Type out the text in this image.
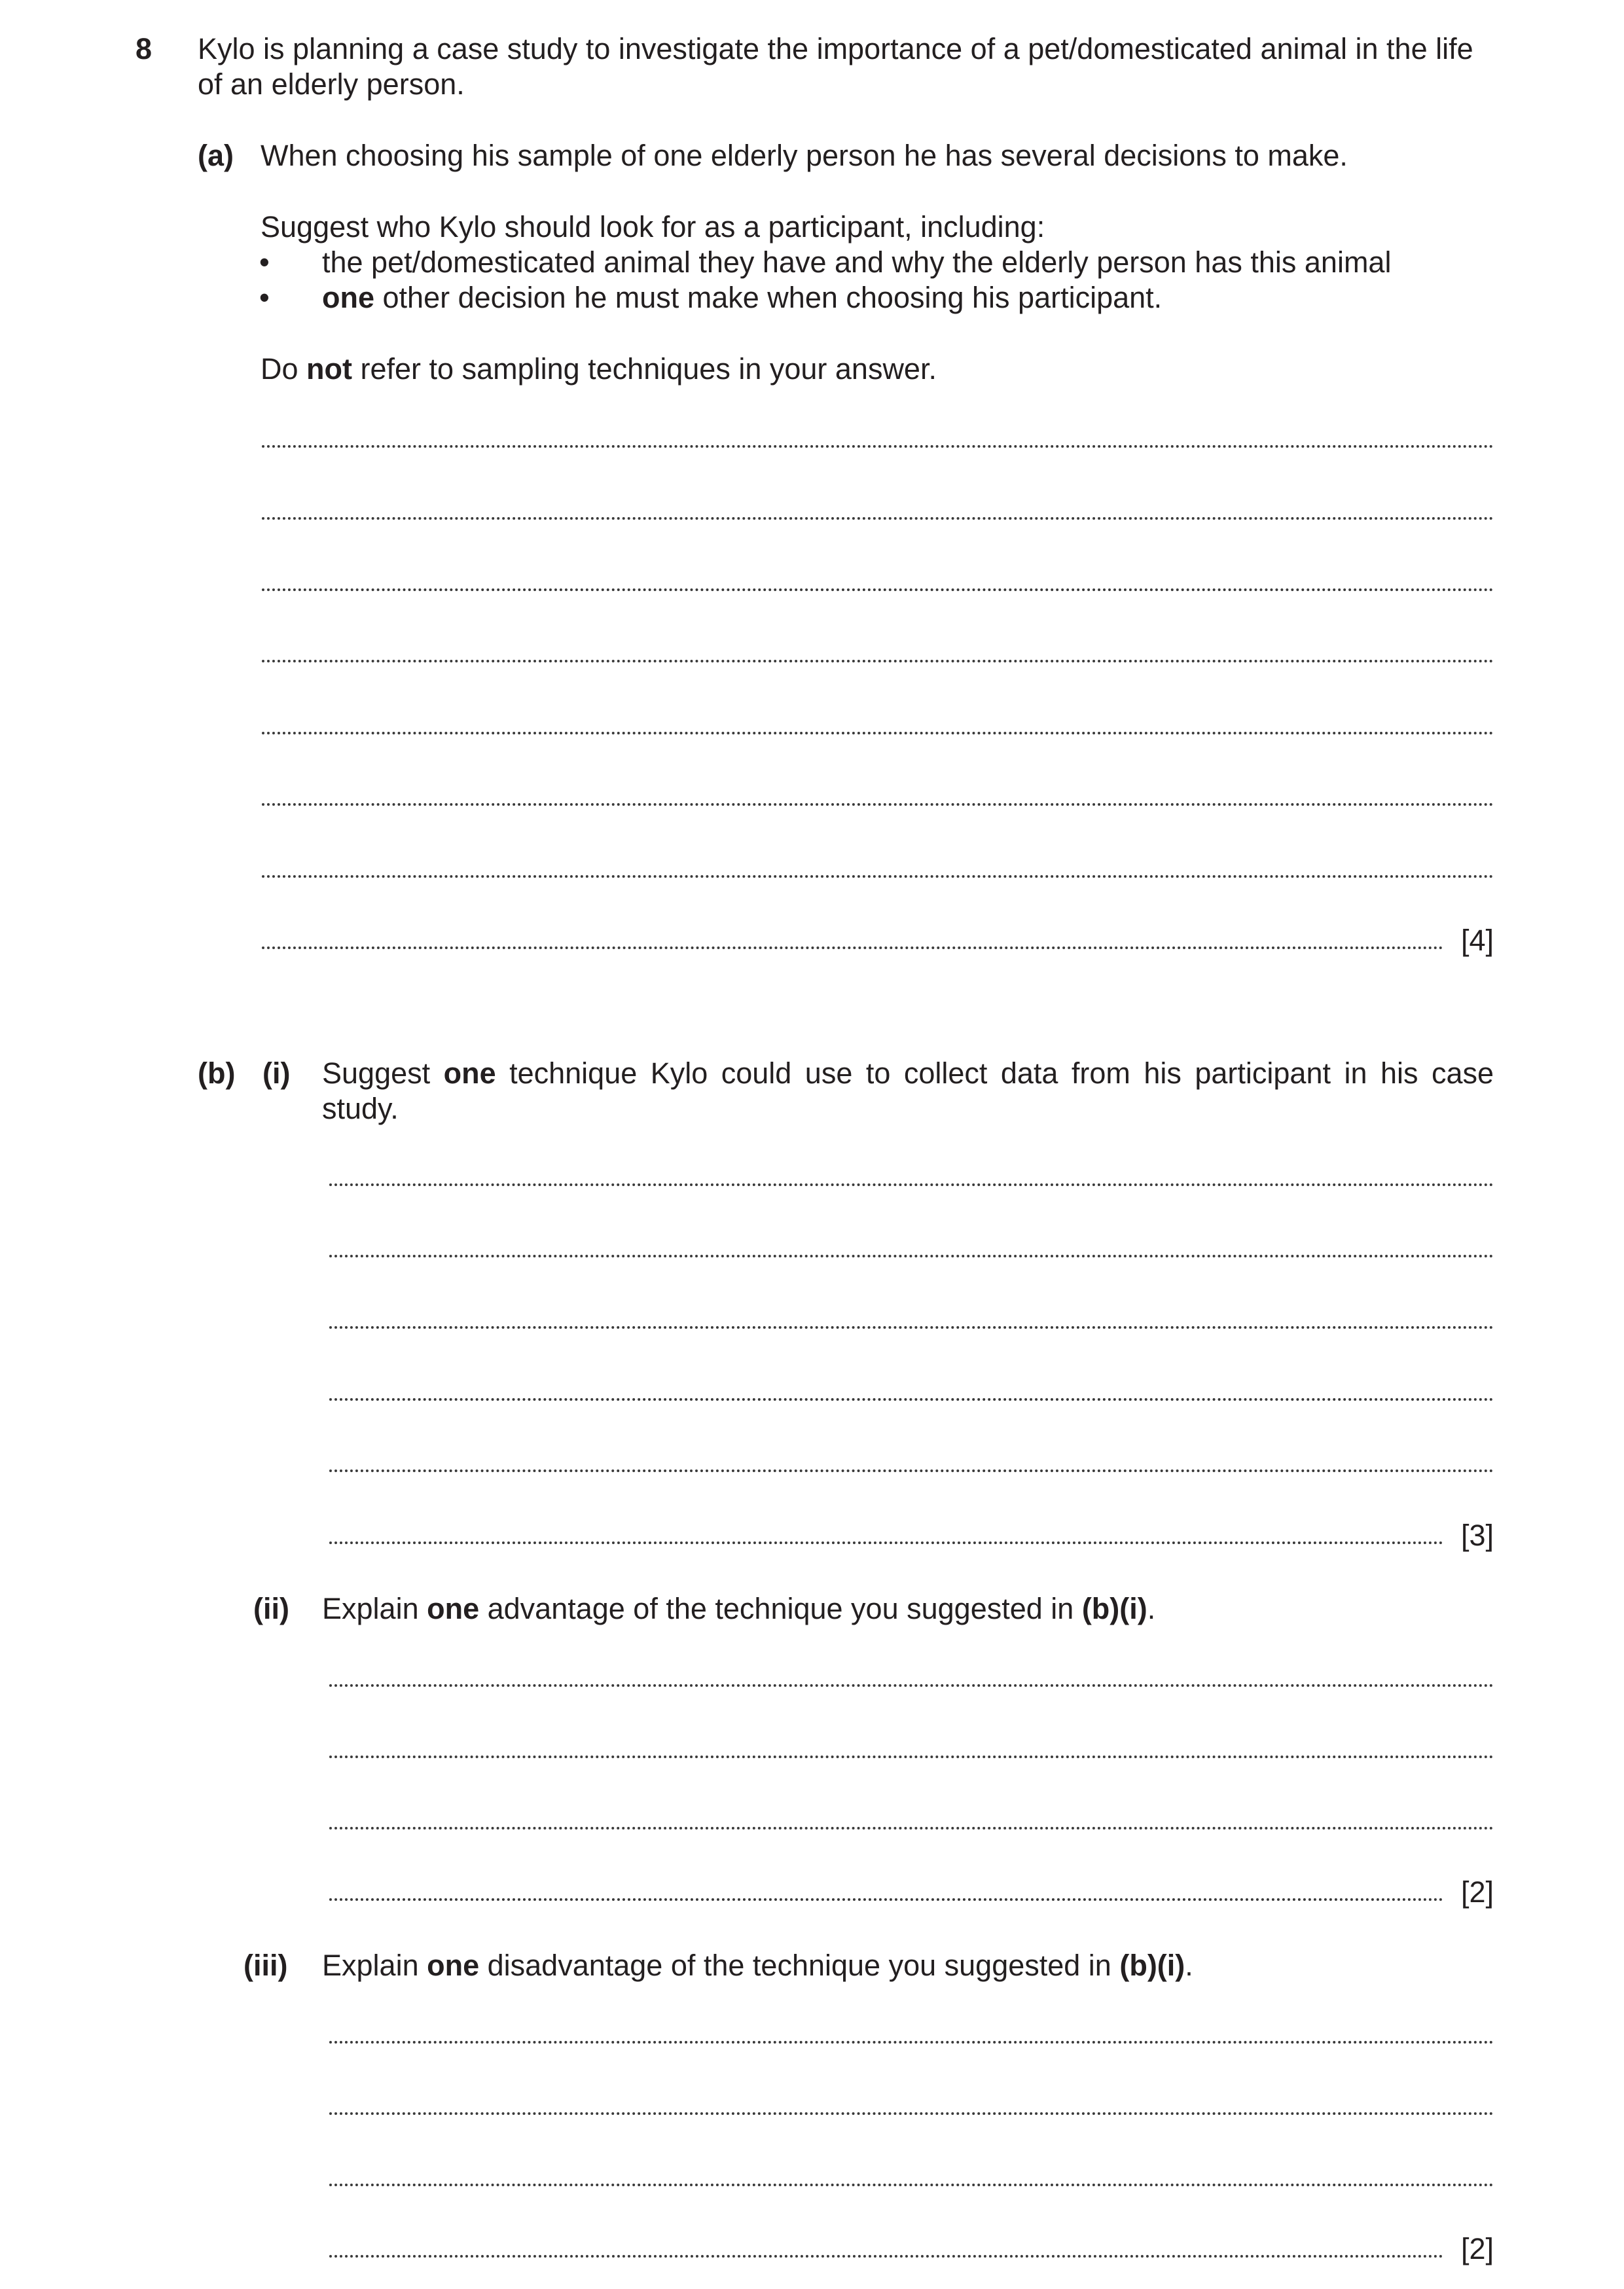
8 Kylo is planning a case study to investigate the importance of a pet/domesticated animal in the life
of an elderly person.
(a) When choosing his sample of one elderly person he has several decisions to make.
Suggest who Kylo should look for as a participant, including:
• the pet/domesticated animal they have and why the elderly person has this animal
• one other decision he must make when choosing his participant.
Do not refer to sampling techniques in your answer.
[4]
(b) (i) Suggest one technique Kylo could use to collect data from his participant in his case study.
[3]
(ii) Explain one advantage of the technique you suggested in (b)(i).
[2]
(iii) Explain one disadvantage of the technique you suggested in (b)(i).
[2]
